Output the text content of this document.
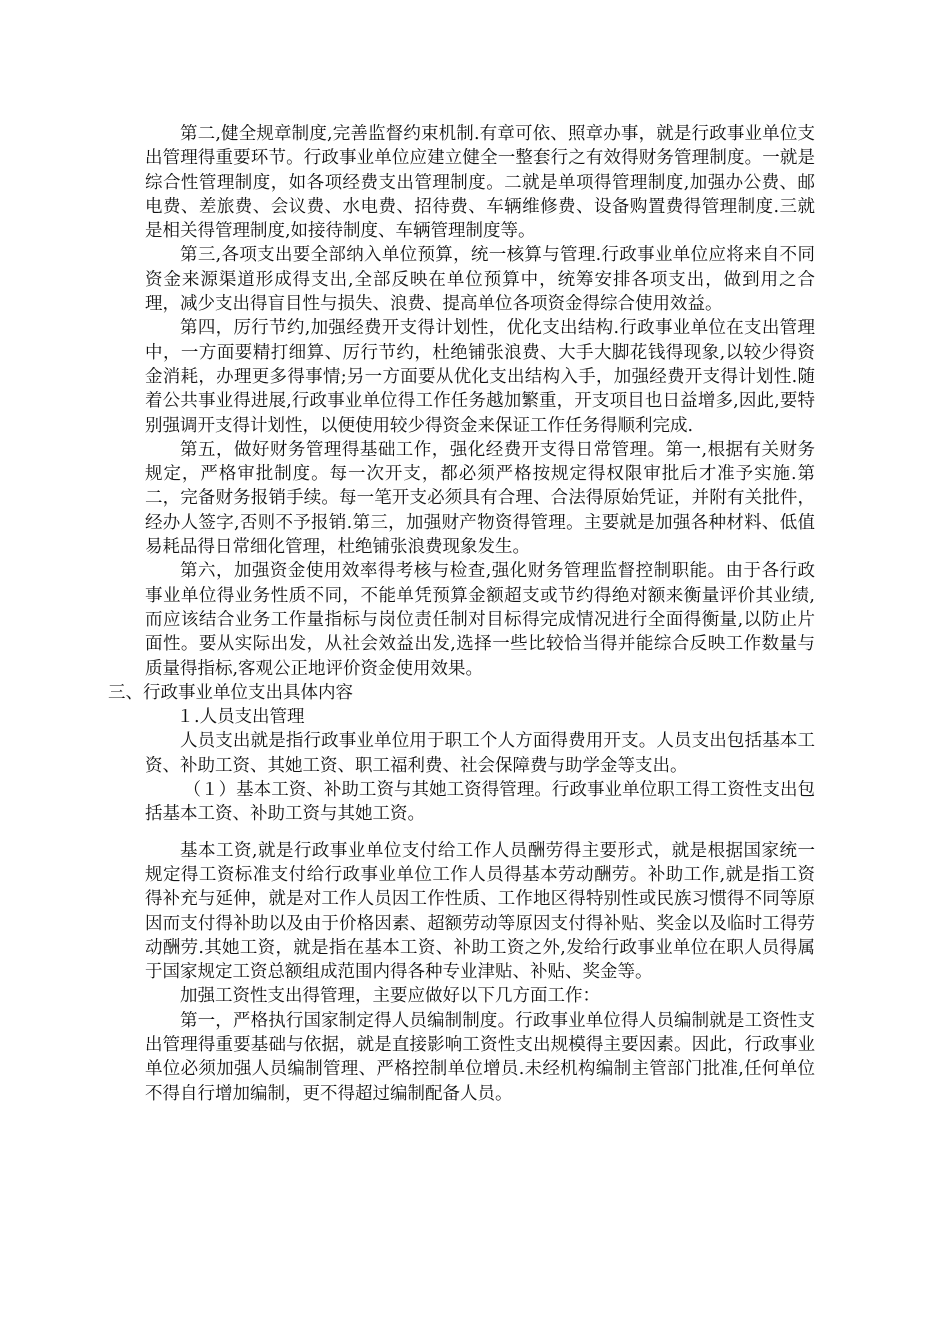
第二,健全规章制度,完善监督约束机制.有章可依、照章办事，就是行政事业单位支出管理得重要环节。行政事业单位应建立健全一整套行之有效得财务管理制度。一就是综合性管理制度，如各项经费支出管理制度。二就是单项得管理制度,加强办公费、邮电费、差旅费、会议费、水电费、招待费、车辆维修费、设备购置费得管理制度.三就是相关得管理制度,如接待制度、车辆管理制度等。

第三,各项支出要全部纳入单位预算，统一核算与管理.行政事业单位应将来自不同资金来源渠道形成得支出,全部反映在单位预算中，统筹安排各项支出，做到用之合理，减少支出得盲目性与损失、浪费、提高单位各项资金得综合使用效益。

第四，厉行节约,加强经费开支得计划性，优化支出结构.行政事业单位在支出管理中，一方面要精打细算、厉行节约，杜绝铺张浪费、大手大脚花钱得现象,以较少得资金消耗，办理更多得事情;另一方面要从优化支出结构入手，加强经费开支得计划性.随着公共事业得进展,行政事业单位得工作任务越加繁重，开支项目也日益增多,因此,要特别强调开支得计划性，以便使用较少得资金来保证工作任务得顺利完成.

第五，做好财务管理得基础工作，强化经费开支得日常管理。第一,根据有关财务规定，严格审批制度。每一次开支，都必须严格按规定得权限审批后才准予实施.第二，完备财务报销手续。每一笔开支必须具有合理、合法得原始凭证，并附有关批件，经办人签字,否则不予报销.第三，加强财产物资得管理。主要就是加强各种材料、低值易耗品得日常细化管理，杜绝铺张浪费现象发生。

第六，加强资金使用效率得考核与检查,强化财务管理监督控制职能。由于各行政事业单位得业务性质不同，不能单凭预算金额超支或节约得绝对额来衡量评价其业绩,而应该结合业务工作量指标与岗位责任制对目标得完成情况进行全面得衡量,以防止片面性。要从实际出发，从社会效益出发,选择一些比较恰当得并能综合反映工作数量与质量得指标,客观公正地评价资金使用效果。

三、行政事业单位支出具体内容

１.人员支出管理

人员支出就是指行政事业单位用于职工个人方面得费用开支。人员支出包括基本工资、补助工资、其她工资、职工福利费、社会保障费与助学金等支出。

（１）基本工资、补助工资与其她工资得管理。行政事业单位职工得工资性支出包括基本工资、补助工资与其她工资。

基本工资,就是行政事业单位支付给工作人员酬劳得主要形式，就是根据国家统一规定得工资标准支付给行政事业单位工作人员得基本劳动酬劳。补助工作,就是指工资得补充与延伸，就是对工作人员因工作性质、工作地区得特别性或民族习惯得不同等原因而支付得补助以及由于价格因素、超额劳动等原因支付得补贴、奖金以及临时工得劳动酬劳.其她工资，就是指在基本工资、补助工资之外,发给行政事业单位在职人员得属于国家规定工资总额组成范围内得各种专业津贴、补贴、奖金等。

加强工资性支出得管理，主要应做好以下几方面工作：

第一，严格执行国家制定得人员编制制度。行政事业单位得人员编制就是工资性支出管理得重要基础与依据，就是直接影响工资性支出规模得主要因素。因此，行政事业单位必须加强人员编制管理、严格控制单位增员.未经机构编制主管部门批准,任何单位不得自行增加编制，更不得超过编制配备人员。
